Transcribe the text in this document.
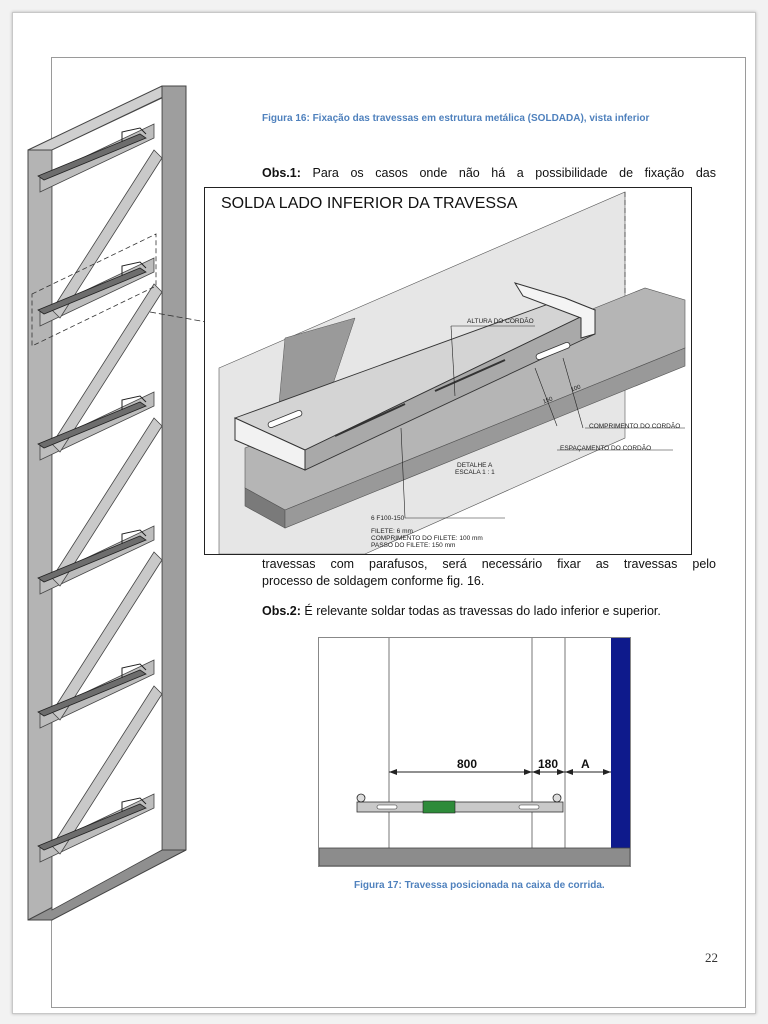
Figura 16: Fixação das travessas em estrutura metálica (SOLDADA), vista inferior
Obs.1: Para os casos onde não há a possibilidade de fixação das
SOLDA LADO INFERIOR DA TRAVESSA
ALTURA DO CORDÃO
COMPRIMENTO DO CORDÃO
ESPAÇAMENTO DO CORDÃO
150
100
DETALHE A
ESCALA 1 : 1
6 F100-150
FILETE: 6 mm
COMPRIMENTO DO FILETE: 100 mm
PASSO DO FILETE: 150 mm
travessas com parafusos, será necessário fixar as travessas pelo
processo de soldagem conforme fig. 16.
Obs.2: É relevante soldar todas as travessas do lado inferior e superior.
800	180 A
Figura 17: Travessa posicionada na caixa de corrida.
22
